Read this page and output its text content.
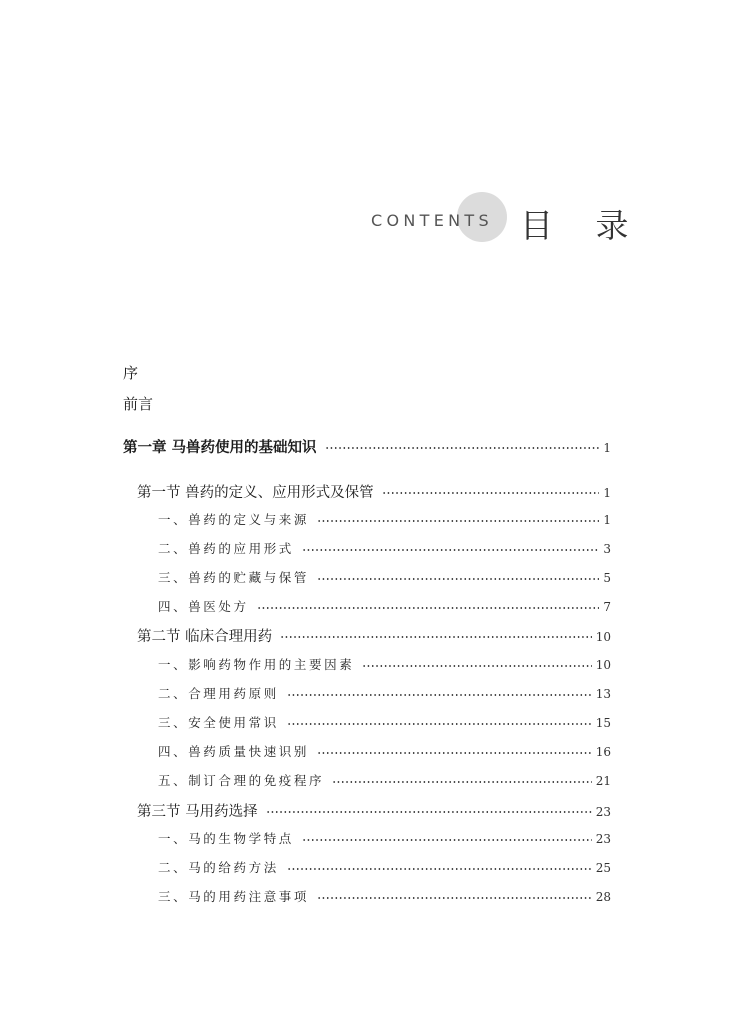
CONTENTS 目 录
序
前言
第一章 马兽药使用的基础知识	1
第一节 兽药的定义、应用形式及保管	1
一、兽药的定义与来源	1
二、兽药的应用形式	3
三、兽药的贮藏与保管	5
四、兽医处方	7
第二节 临床合理用药	10
一、影响药物作用的主要因素	10
二、合理用药原则	13
三、安全使用常识	15
四、兽药质量快速识别	16
五、制订合理的免疫程序	21
第三节 马用药选择	23
一、马的生物学特点	23
二、马的给药方法	25
三、马的用药注意事项	28
